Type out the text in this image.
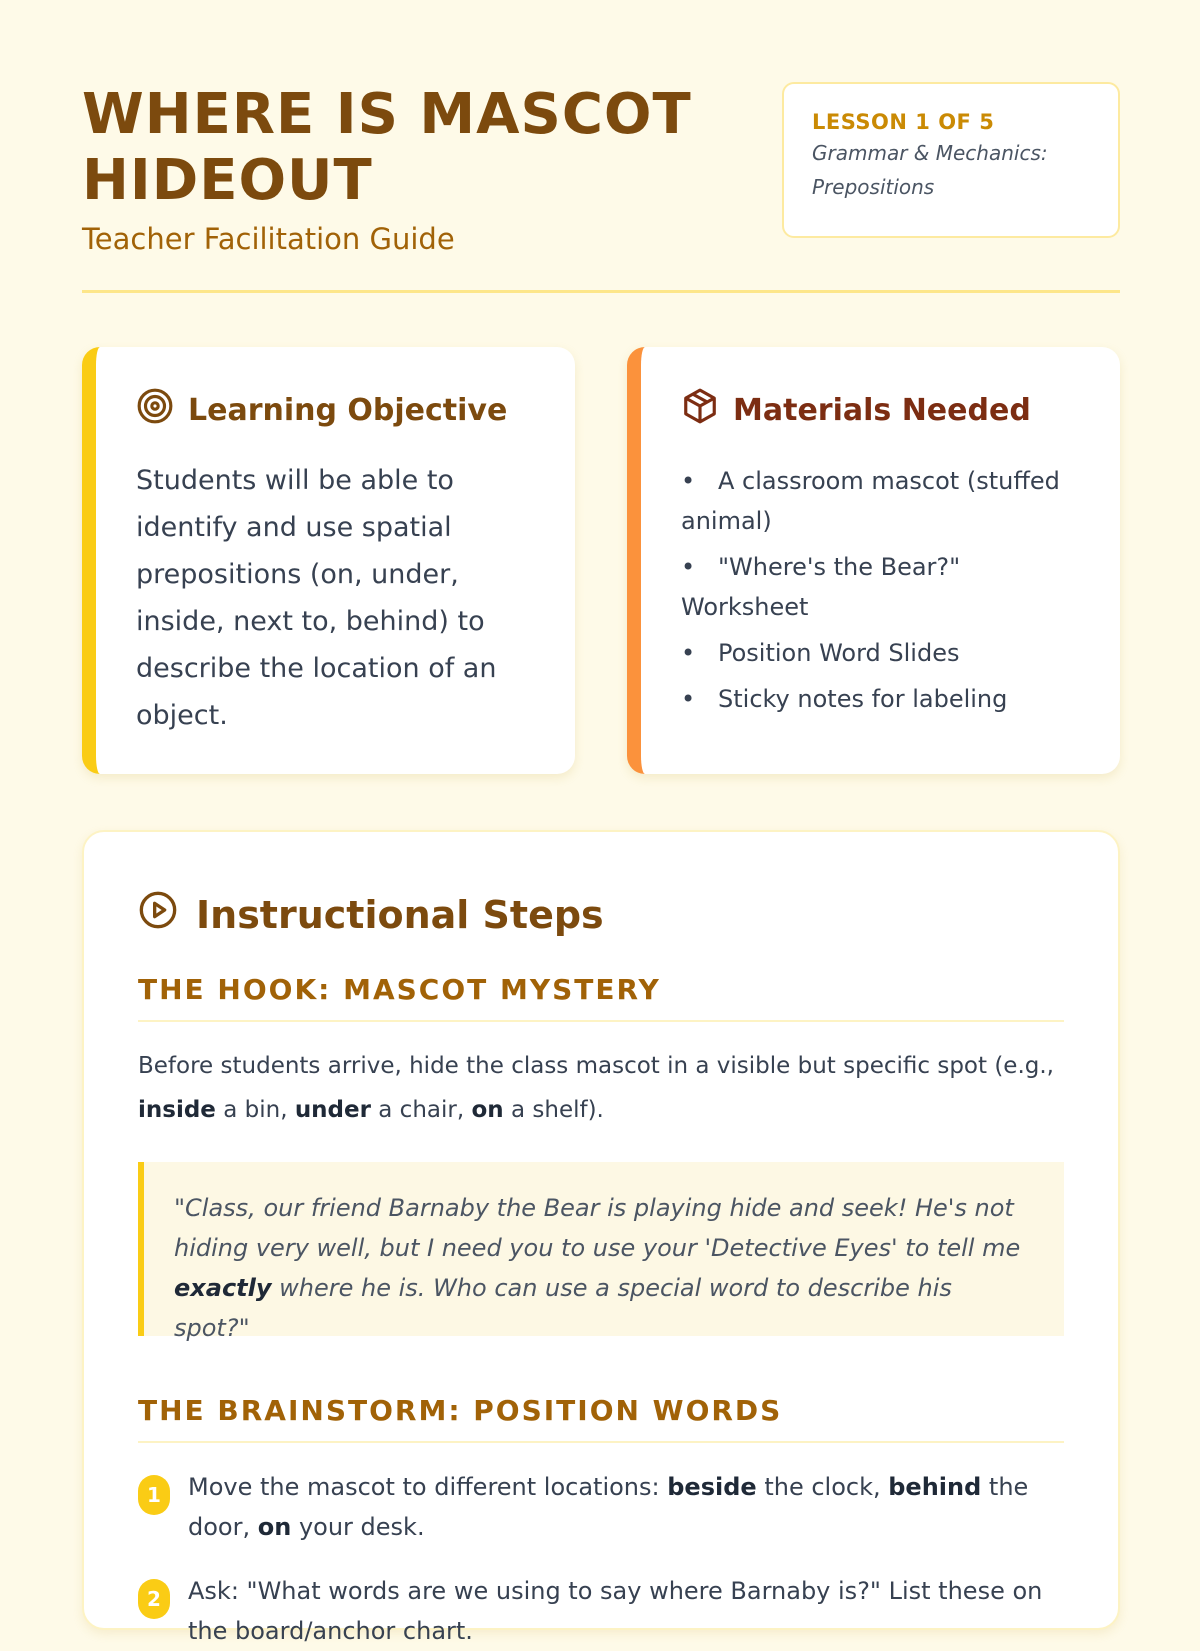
WHERE IS MASCOT HIDEOUT
Teacher Facilitation Guide
LESSON 1 OF 5
Grammar & Mechanics: Prepositions
Learning Objective

Students will be able to identify and use spatial prepositions (on, under, inside, next to, behind) to describe the location of an object.

Materials Needed
• A classroom mascot (stuffed animal)
• "Where's the Bear?" Worksheet
• Position Word Slides
• Sticky notes for labeling
Instructional Steps
THE HOOK: MASCOT MYSTERY

Before students arrive, hide the class mascot in a visible but specific spot (e.g., inside a bin, under a chair, on a shelf).

"Class, our friend Barnaby the Bear is playing hide and seek! He's not hiding very well, but I need you to use your 'Detective Eyes' to tell me exactly where he is. Who can use a special word to describe his spot?"
THE BRAINSTORM: POSITION WORDS
1	Move the mascot to different locations: beside the clock, behind the door, on your desk.
2	Ask: "What words are we using to say where Barnaby is?" List these on the board/anchor chart.
